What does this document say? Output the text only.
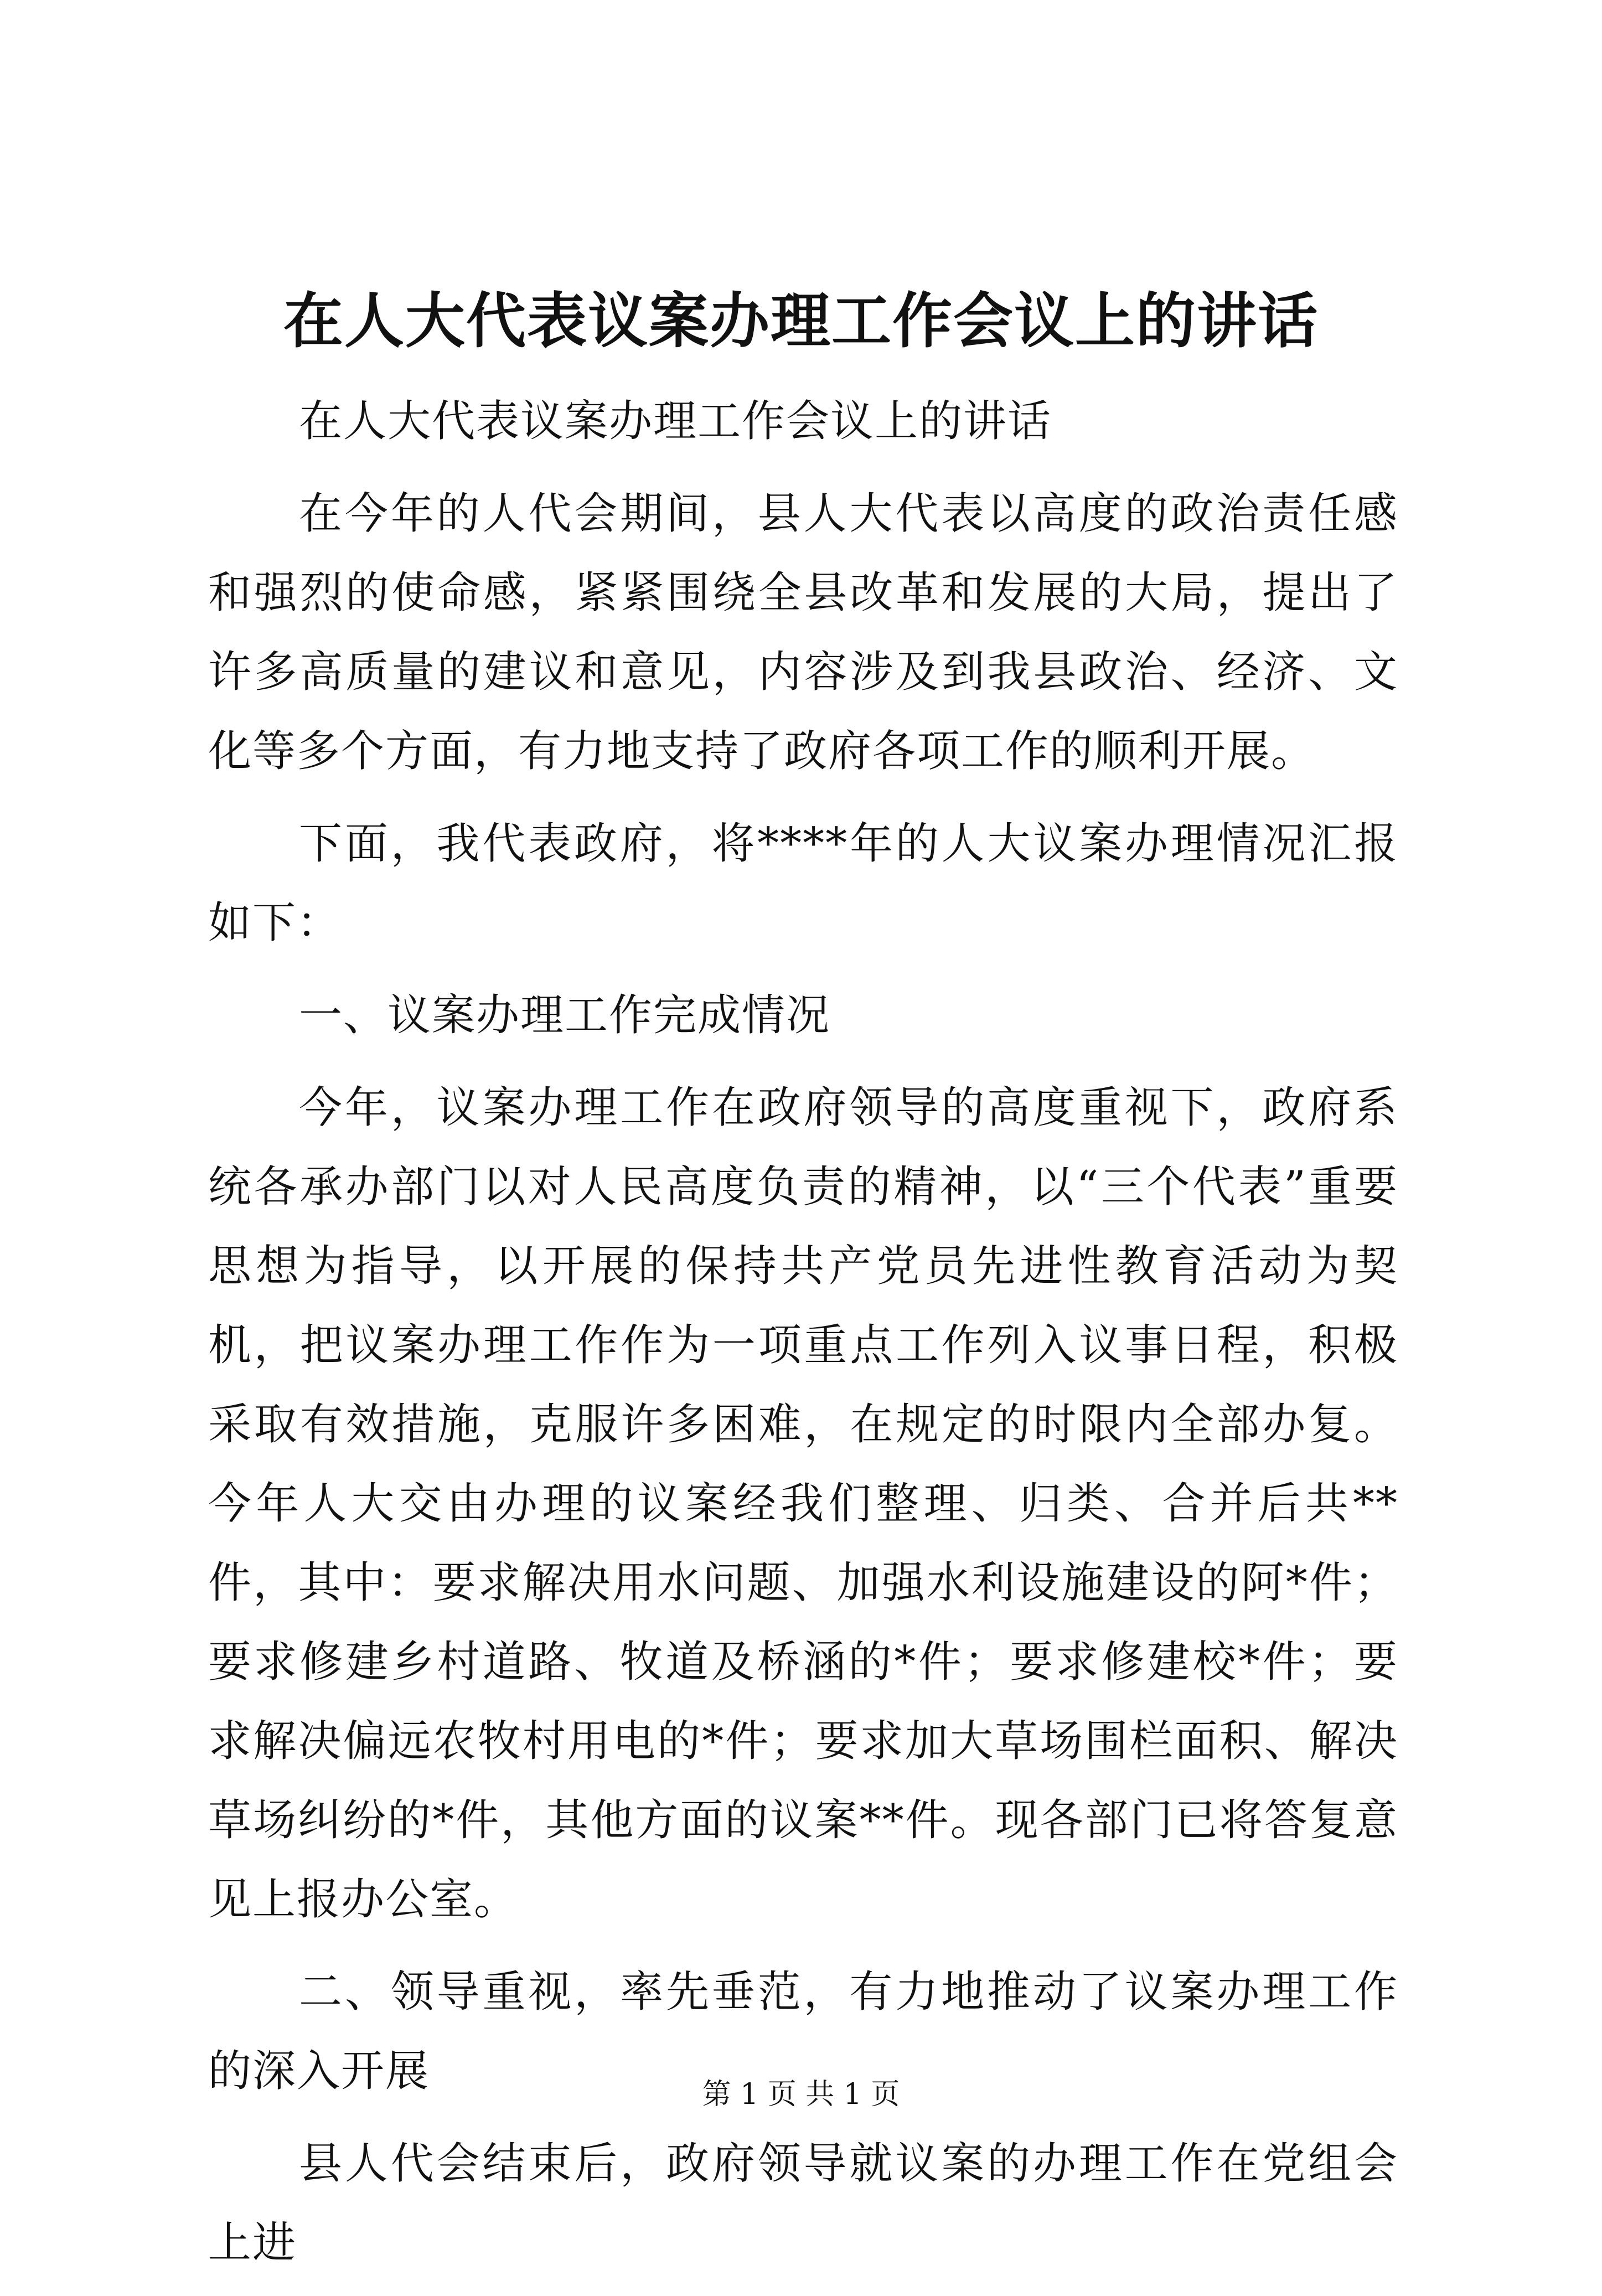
在人大代表议案办理工作会议上的讲话

在人大代表议案办理工作会议上的讲话

在今年的人代会期间，县人大代表以高度的政治责任感和强烈的使命感，紧紧围绕全县改革和发展的大局，提出了许多高质量的建议和意见，内容涉及到我县政治、经济、文化等多个方面，有力地支持了政府各项工作的顺利开展。

下面，我代表政府，将****年的人大议案办理情况汇报如下：

一、议案办理工作完成情况

今年，议案办理工作在政府领导的高度重视下，政府系统各承办部门以对人民高度负责的精神，以“三个代表”重要思想为指导，以开展的保持共产党员先进性教育活动为契机，把议案办理工作作为一项重点工作列入议事日程，积极采取有效措施，克服许多困难，在规定的时限内全部办复。今年人大交由办理的议案经我们整理、归类、合并后共**件，其中：要求解决用水问题、加强水利设施建设的阿*件；要求修建乡村道路、牧道及桥涵的*件；要求修建校*件；要求解决偏远农牧村用电的*件；要求加大草场围栏面积、解决草场纠纷的*件，其他方面的议案**件。现各部门已将答复意见上报办公室。

二、领导重视，率先垂范，有力地推动了议案办理工作的深入开展

县人代会结束后，政府领导就议案的办理工作在党组会上进

第 1 页 共 1 页
